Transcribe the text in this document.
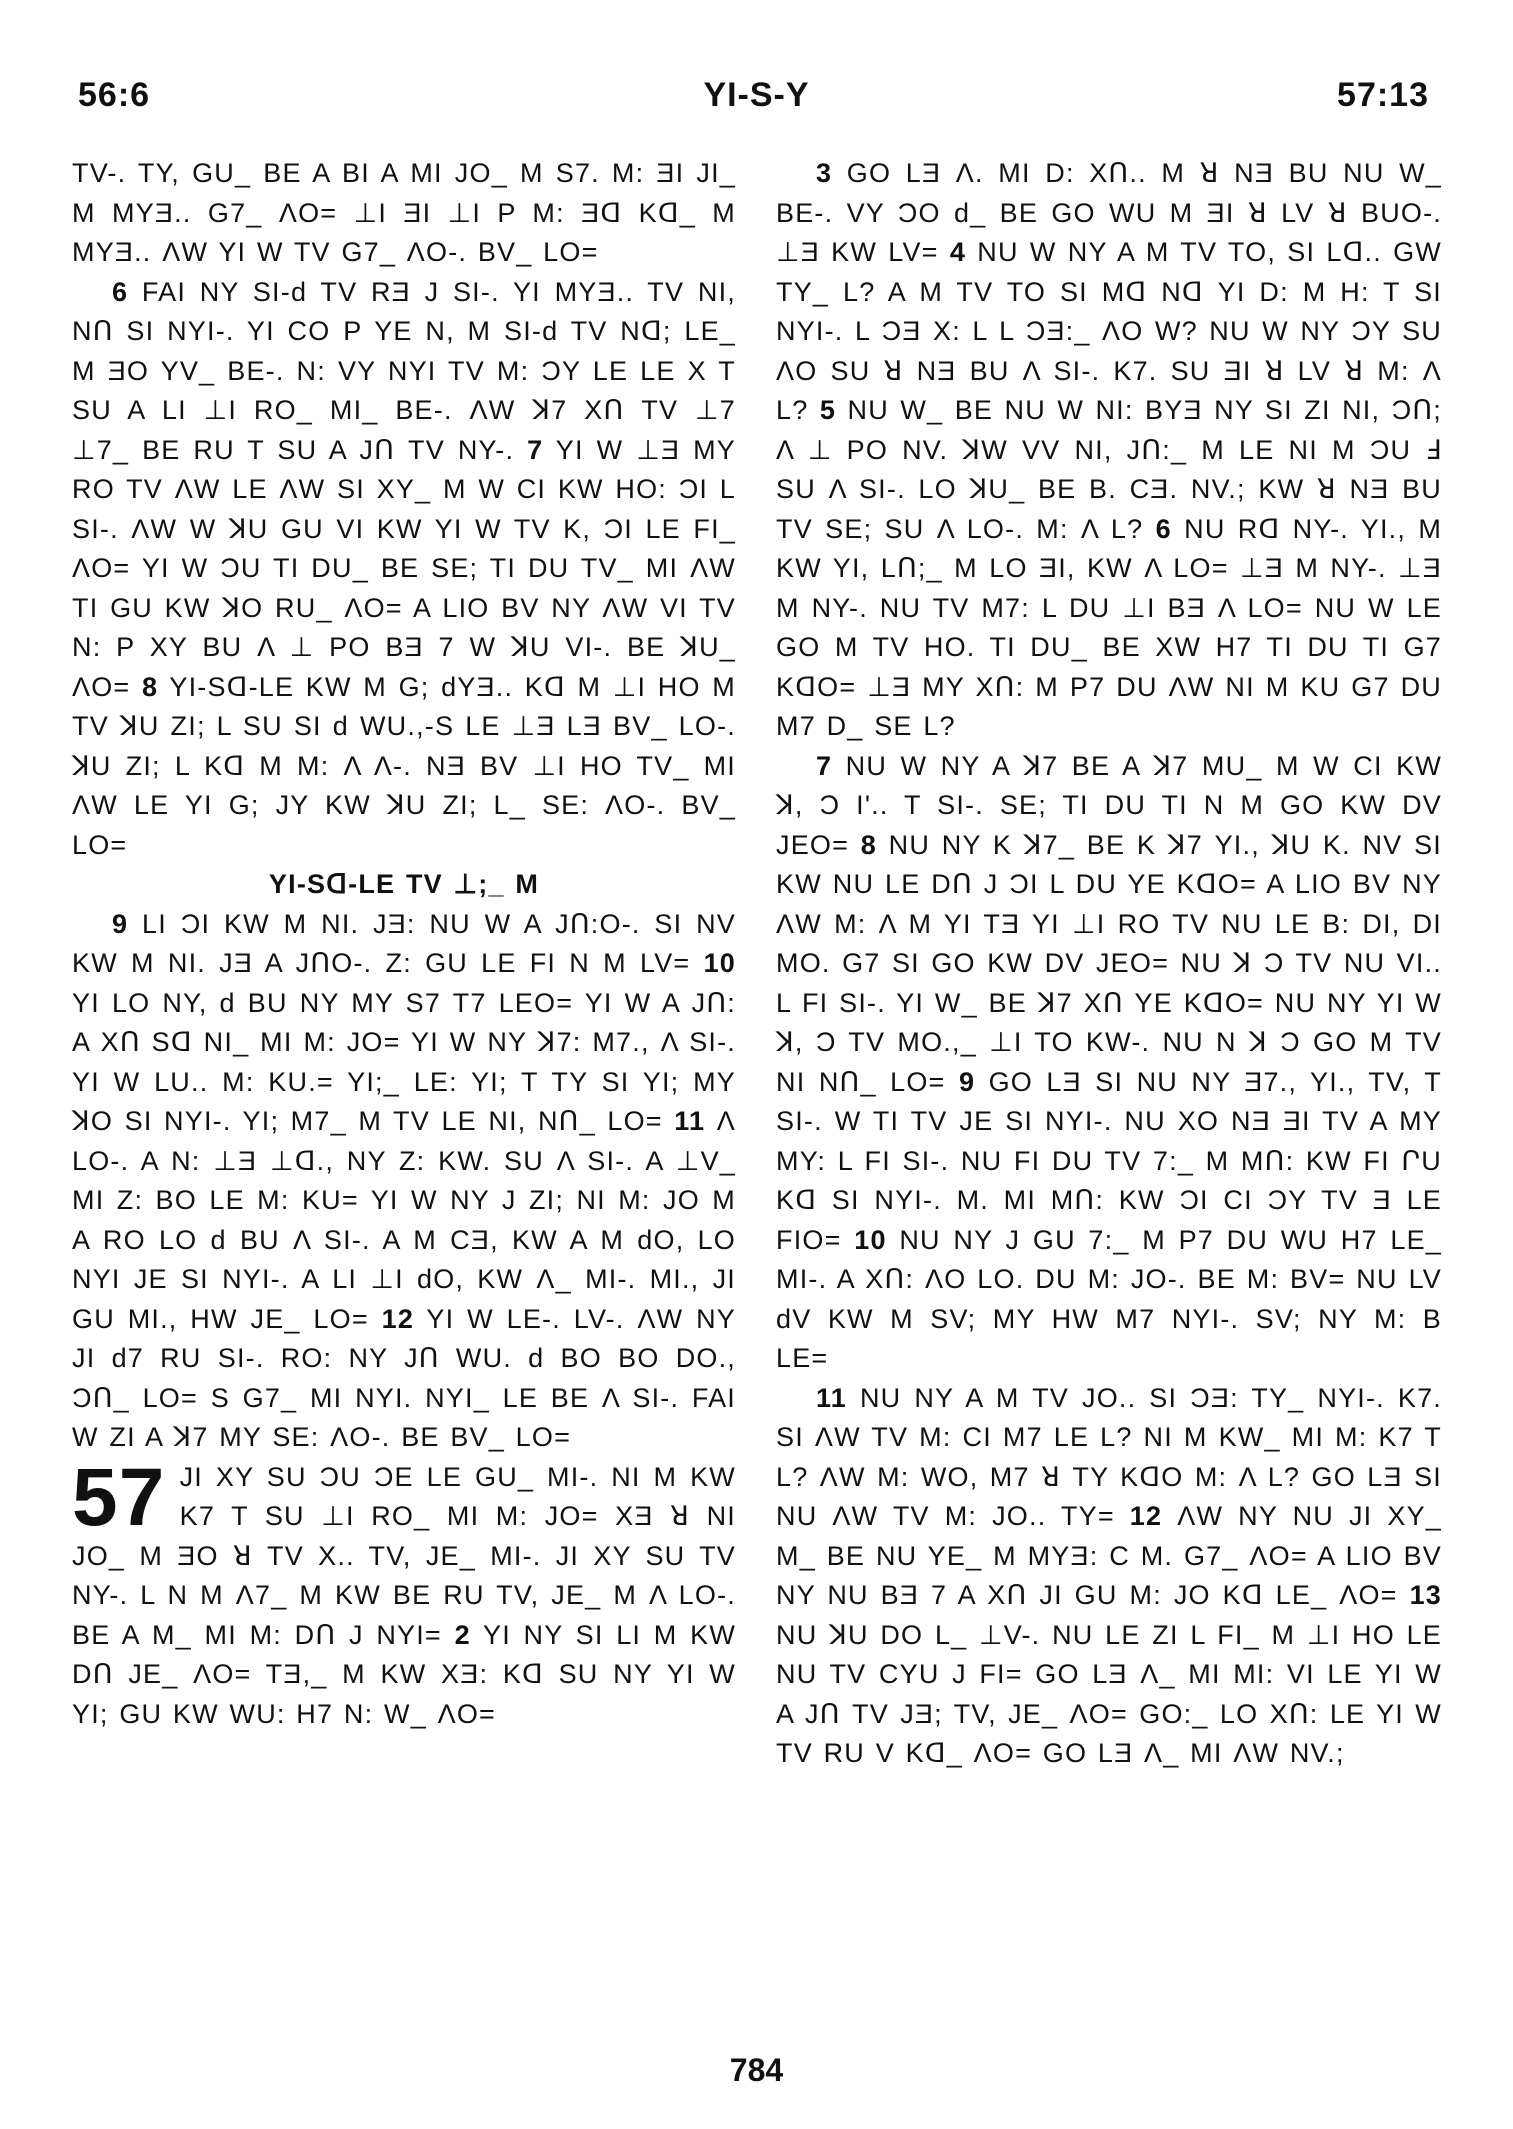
56:6	YI-S-Y	57:13

TV-. TY, GU_ BE A BI A MI JO_ M S7. M: ƎI JI_ M MYƎ.. G7_ ΛO= ⊥I ƎI ⊥I P M: Ǝᗡ Kᗡ_ M MYƎ.. ΛW YI W TV G7_ ΛO-. BV_ LO=

6 FAI NY SI-d TV RƎ J SI-. YI MYƎ.. TV NI, NՈ SI NYI-. YI CO P YE N, M SI-d TV Nᗡ; LE_ M ƎO YV_ BE-. N: VY NYI TV M: ƆY LE LE X T SU A LI ⊥I RO_ MI_ BE-. ΛW ꓘ7 XՈ TV ⊥7 ⊥7_ BE RU T SU A JՈ TV NY-. 7 YI W ⊥Ǝ MY RO TV ΛW LE ΛW SI XY_ M W CI KW HO: ƆI L SI-. ΛW W ꓘU GU VI KW YI W TV K, ƆI LE FI_ ΛO= YI W ƆU TI DU_ BE SE; TI DU TV_ MI ΛW TI GU KW ꓘO RU_ ΛO= A LIO BV NY ΛW VI TV N: P XY BU Λ ⊥ PO BƎ 7 W ꓘU VI-. BE ꓘU_ ΛO= 8 YI-Sᗡ-LE KW M G; dYƎ.. Kᗡ M ⊥I HO M TV ꓘU ZI; L SU SI d WU.,-S LE ⊥Ǝ LƎ BV_ LO-. ꓘU ZI; L Kᗡ M M: Λ Λ-. NƎ BV ⊥I HO TV_ MI ΛW LE YI G; JY KW ꓘU ZI; L_ SE: ΛO-. BV_ LO=

YI-Sᗡ-LE TV ⊥;_ M

9 LI ƆI KW M NI. JƎ: NU W A JՈ:O-. SI NV KW M NI. JƎ A JՈO-. Z: GU LE FI N M LV= 10 YI LO NY, d BU NY MY S7 T7 LEO= YI W A JՈ: A XՈ Sᗡ NI_ MI M: JO= YI W NY ꓘ7: M7., Λ SI-. YI W LU.. M: KU.= YI;_ LE: YI; T TY SI YI; MY ꓘO SI NYI-. YI; M7_ M TV LE NI, NՈ_ LO= 11 Λ LO-. A N: ⊥Ǝ ⊥ᗡ., NY Z: KW. SU Λ SI-. A ⊥V_ MI Z: BO LE M: KU= YI W NY J ZI; NI M: JO M A RO LO d BU Λ SI-. A M CƎ, KW A M dO, LO NYI JE SI NYI-. A LI ⊥I dO, KW Λ_ MI-. MI., JI GU MI., HW JE_ LO= 12 YI W LE-. LV-. ΛW NY JI d7 RU SI-. RO: NY JՈ WU. d BO BO DO., ƆՈ_ LO= S G7_ MI NYI. NYI_ LE BE Λ SI-. FAI W ZI A ꓘ7 MY SE: ΛO-. BE BV_ LO=

57 JI XY SU ƆU ƆE LE GU_ MI-. NI M KW K7 T SU ⊥I RO_ MI M: JO= XƎ ꓤ NI JO_ M ƎO ꓤ TV X.. TV, JE_ MI-. JI XY SU TV NY-. L N M Λ7_ M KW BE RU TV, JE_ M Λ LO-. BE A M_ MI M: DՈ J NYI= 2 YI NY SI LI M KW DՈ JE_ ΛO= TƎ,_ M KW XƎ: Kᗡ SU NY YI W YI; GU KW WU: H7 N: W_ ΛO=

3 GO LƎ Λ. MI D: XՈ.. M ꓤ NƎ BU NU W_ BE-. VY ƆO d_ BE GO WU M ƎI ꓤ LV ꓤ BUO-. ⊥Ǝ KW LV= 4 NU W NY A M TV TO, SI Lᗡ.. GW TY_ L? A M TV TO SI Mᗡ Nᗡ YI D: M H: T SI NYI-. L ƆƎ X: L L ƆƎ:_ ΛO W? NU W NY ƆY SU ΛO SU ꓤ NƎ BU Λ SI-. K7. SU ƎI ꓤ LV ꓤ M: Λ L? 5 NU W_ BE NU W NI: BYƎ NY SI ZI NI, ƆՈ; Λ ⊥ PO NV. ꓘW VV NI, JՈ:_ M LE NI M ƆU Ⅎ SU Λ SI-. LO ꓘU_ BE B. CƎ. NV.; KW ꓤ NƎ BU TV SE; SU Λ LO-. M: Λ L? 6 NU Rᗡ NY-. YI., M KW YI, LՈ;_ M LO ƎI, KW Λ LO= ⊥Ǝ M NY-. ⊥Ǝ M NY-. NU TV M7: L DU ⊥I BƎ Λ LO= NU W LE GO M TV HO. TI DU_ BE XW H7 TI DU TI G7 KᗡO= ⊥Ǝ MY XՈ: M P7 DU ΛW NI M KU G7 DU M7 D_ SE L?

7 NU W NY A ꓘ7 BE A ꓘ7 MU_ M W CI KW ꓘ, Ɔ I'.. T SI-. SE; TI DU TI N M GO KW DV JEO= 8 NU NY K ꓘ7_ BE K ꓘ7 YI., ꓘU K. NV SI KW NU LE DՈ J ƆI L DU YE KᗡO= A LIO BV NY ΛW M: Λ M YI TƎ YI ⊥I RO TV NU LE B: DI, DI MO. G7 SI GO KW DV JEO= NU ꓘ Ɔ TV NU VI.. L FI SI-. YI W_ BE ꓘ7 XՈ YE KᗡO= NU NY YI W ꓘ, Ɔ TV MO.,_ ⊥I TO KW-. NU N ꓘ Ɔ GO M TV NI NՈ_ LO= 9 GO LƎ SI NU NY Ǝ7., YI., TV, T SI-. W TI TV JE SI NYI-. NU XO NƎ ƎI TV A MY MY: L FI SI-. NU FI DU TV 7:_ M MՈ: KW FI ՐU Kᗡ SI NYI-. M. MI MՈ: KW ƆI CI ƆY TV Ǝ LE FIO= 10 NU NY J GU 7:_ M P7 DU WU H7 LE_ MI-. A XՈ: ΛO LO. DU M: JO-. BE M: BV= NU LV dV KW M SV; MY HW M7 NYI-. SV; NY M: B LE=

11 NU NY A M TV JO.. SI ƆƎ: TY_ NYI-. K7. SI ΛW TV M: CI M7 LE L? NI M KW_ MI M: K7 T L? ΛW M: WO, M7 ꓤ TY KᗡO M: Λ L? GO LƎ SI NU ΛW TV M: JO.. TY= 12 ΛW NY NU JI XY_ M_ BE NU YE_ M MYƎ: C M. G7_ ΛO= A LIO BV NY NU BƎ 7 A XՈ JI GU M: JO Kᗡ LE_ ΛO= 13 NU ꓘU DO L_ ⊥V-. NU LE ZI L FI_ M ⊥I HO LE NU TV CYU J FI= GO LƎ Λ_ MI MI: VI LE YI W A JՈ TV JƎ; TV, JE_ ΛO= GO:_ LO XՈ: LE YI W TV RU V Kᗡ_ ΛO= GO LƎ Λ_ MI ΛW NV.;

784
